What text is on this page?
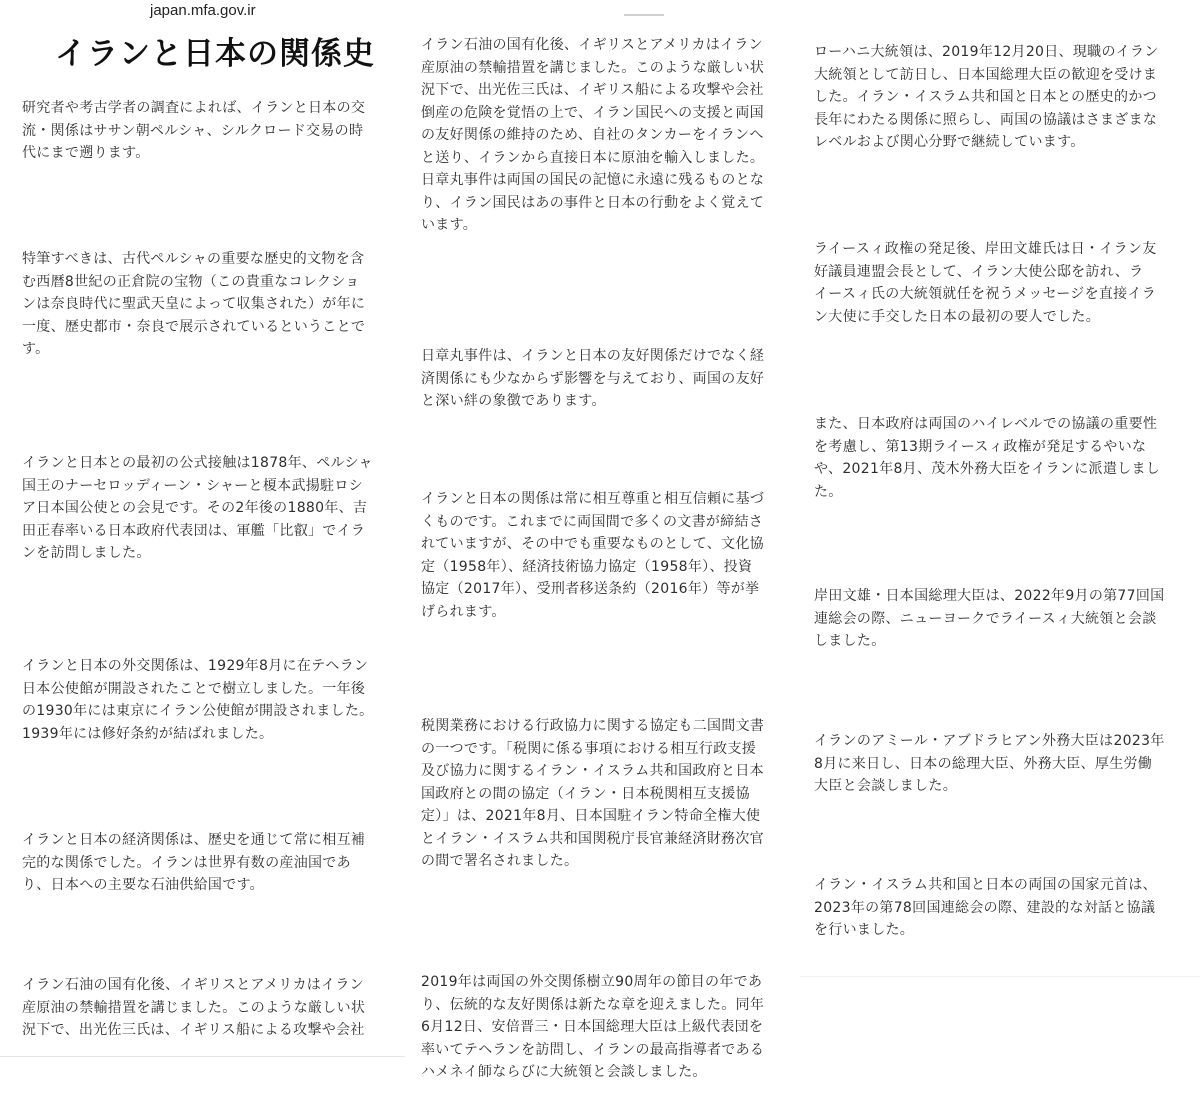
japan.mfa.gov.ir
イランと日本の関係史
研究者や考古学者の調査によれば、イランと日本の交
流・関係はササン朝ペルシャ、シルクロード交易の時
代にまで遡ります。
特筆すべきは、古代ペルシャの重要な歴史的文物を含
む西暦8世紀の正倉院の宝物（この貴重なコレクショ
ンは奈良時代に聖武天皇によって収集された）が年に
一度、歴史都市・奈良で展示されているということで
す。
イランと日本との最初の公式接触は1878年、ペルシャ
国王のナーセロッディーン・シャーと榎本武揚駐ロシ
ア日本国公使との会見です。その2年後の1880年、吉
田正春率いる日本政府代表団は、軍艦「比叡」でイラ
ンを訪問しました。
イランと日本の外交関係は、1929年8月に在テヘラン
日本公使館が開設されたことで樹立しました。一年後
の1930年には東京にイラン公使館が開設されました。
1939年には修好条約が結ばれました。
イランと日本の経済関係は、歴史を通じて常に相互補
完的な関係でした。イランは世界有数の産油国であ
り、日本への主要な石油供給国です。
イラン石油の国有化後、イギリスとアメリカはイラン
産原油の禁輸措置を講じました。このような厳しい状
況下で、出光佐三氏は、イギリス船による攻撃や会社
イラン石油の国有化後、イギリスとアメリカはイラン
産原油の禁輸措置を講じました。このような厳しい状
況下で、出光佐三氏は、イギリス船による攻撃や会社
倒産の危険を覚悟の上で、イラン国民への支援と両国
の友好関係の維持のため、自社のタンカーをイランへ
と送り、イランから直接日本に原油を輸入しました。
日章丸事件は両国の国民の記憶に永遠に残るものとな
り、イラン国民はあの事件と日本の行動をよく覚えて
います。
日章丸事件は、イランと日本の友好関係だけでなく経
済関係にも少なからず影響を与えており、両国の友好
と深い絆の象徴であります。
イランと日本の関係は常に相互尊重と相互信頼に基づ
くものです。これまでに両国間で多くの文書が締結さ
れていますが、その中でも重要なものとして、文化協
定（1958年）、経済技術協力協定（1958年）、投資
協定（2017年）、受刑者移送条約（2016年）等が挙
げられます。
税関業務における行政協力に関する協定も二国間文書
の一つです。「税関に係る事項における相互行政支援
及び協力に関するイラン・イスラム共和国政府と日本
国政府との間の協定（イラン・日本税関相互支援協
定）」は、2021年8月、日本国駐イラン特命全権大使
とイラン・イスラム共和国関税庁長官兼経済財務次官
の間で署名されました。
2019年は両国の外交関係樹立90周年の節目の年であ
り、伝統的な友好関係は新たな章を迎えました。同年
6月12日、安倍晋三・日本国総理大臣は上級代表団を
率いてテヘランを訪問し、イランの最高指導者である
ハメネイ師ならびに大統領と会談しました。
ローハニ大統領は、2019年12月20日、現職のイラン
大統領として訪日し、日本国総理大臣の歓迎を受けま
した。イラン・イスラム共和国と日本との歴史的かつ
長年にわたる関係に照らし、両国の協議はさまざまな
レベルおよび関心分野で継続しています。
ライースィ政権の発足後、岸田文雄氏は日・イラン友
好議員連盟会長として、イラン大使公邸を訪れ、ラ
イースィ氏の大統領就任を祝うメッセージを直接イラ
ン大使に手交した日本の最初の要人でした。
また、日本政府は両国のハイレベルでの協議の重要性
を考慮し、第13期ライースィ政権が発足するやいな
や、2021年8月、茂木外務大臣をイランに派遣しまし
た。
岸田文雄・日本国総理大臣は、2022年9月の第77回国
連総会の際、ニューヨークでライースィ大統領と会談
しました。
イランのアミール・アブドラヒアン外務大臣は2023年
8月に来日し、日本の総理大臣、外務大臣、厚生労働
大臣と会談しました。
イラン・イスラム共和国と日本の両国の国家元首は、
2023年の第78回国連総会の際、建設的な対話と協議
を行いました。
